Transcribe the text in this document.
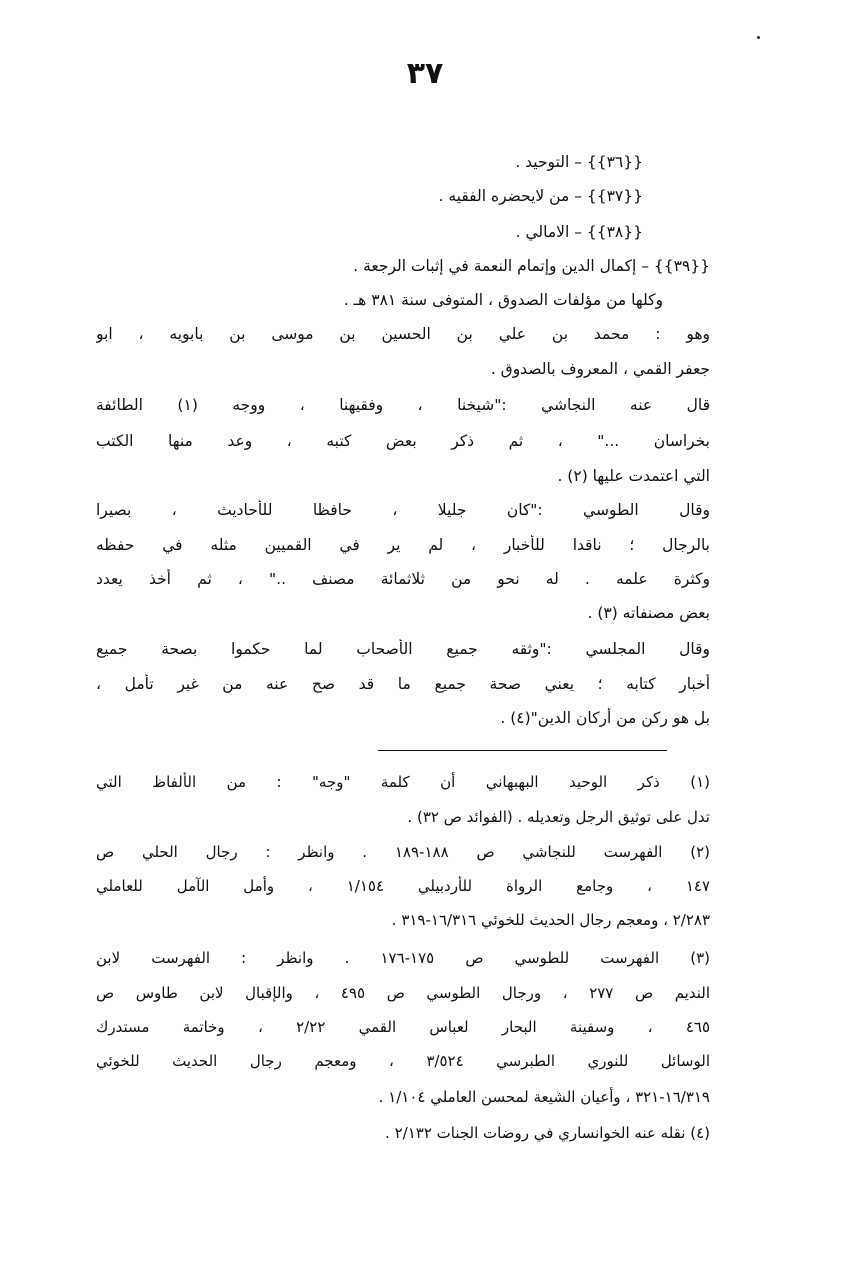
٣٧
{{٣٦}} – التوحيد .
{{٣٧}} – من لايحضره الفقيه .
{{٣٨}} – الامالي .
{{٣٩}} – إكمال الدين وإتمام النعمة في إثبات الرجعة .
وكلها من مؤلفات الصدوق ، المتوفى سنة ٣٨١ هـ .
وهو : محمد بن علي بن الحسين بن موسى بن بابويه ، ابو
جعفر القمي ، المعروف بالصدوق .
قال عنه النجاشي :"شيخنا ، وفقيهنا ، ووجه (١) الطائفة
بخراسان ..." ، ثم ذكر بعض كتبه ، وعد منها الكتب
التي اعتمدت عليها (٢) .
وقال الطوسي :"كان جليلا ، حافظا للأحاديث ، بصيرا
بالرجال ؛ ناقدا للأخبار ، لم ير في القميين مثله في حفظه
وكثرة علمه . له نحو من ثلاثمائة مصنف .." ، ثم أخذ يعدد
بعض مصنفاته (٣) .
وقال المجلسي :"وثقه جميع الأصحاب لما حكموا بصحة جميع
أخبار كتابه ؛ يعني صحة جميع ما قد صح عنه من غير تأمل ،
بل هو ركن من أركان الدين"(٤) .
(١) ذكر الوحيد البهبهاني أن كلمة "وجه" : من الألفاظ التي
تدل على توثيق الرجل وتعديله . (الفوائد ص ٣٢) .
(٢) الفهرست للنجاشي ص ١٨٨-١٨٩ . وانظر : رجال الحلي ص
١٤٧ ، وجامع الرواة للأردبيلي ١/١٥٤ ، وأمل الآمل للعاملي
٢/٢٨٣ ، ومعجم رجال الحديث للخوئي ١٦/٣١٦-٣١٩ .
(٣) الفهرست للطوسي ص ١٧٥-١٧٦ . وانظر : الفهرست لابن
النديم ص ٢٧٧ ، ورجال الطوسي ص ٤٩٥ ، والإقبال لابن طاوس ص
٤٦٥ ، وسفينة البحار لعباس القمي ٢/٢٢ ، وخاتمة مستدرك
الوسائل للنوري الطبرسي ٣/٥٢٤ ، ومعجم رجال الحديث للخوئي
١٦/٣١٩-٣٢١ ، وأعيان الشيعة لمحسن العاملي ١/١٠٤ .
(٤) نقله عنه الخوانساري في روضات الجنات ٢/١٣٢ .
